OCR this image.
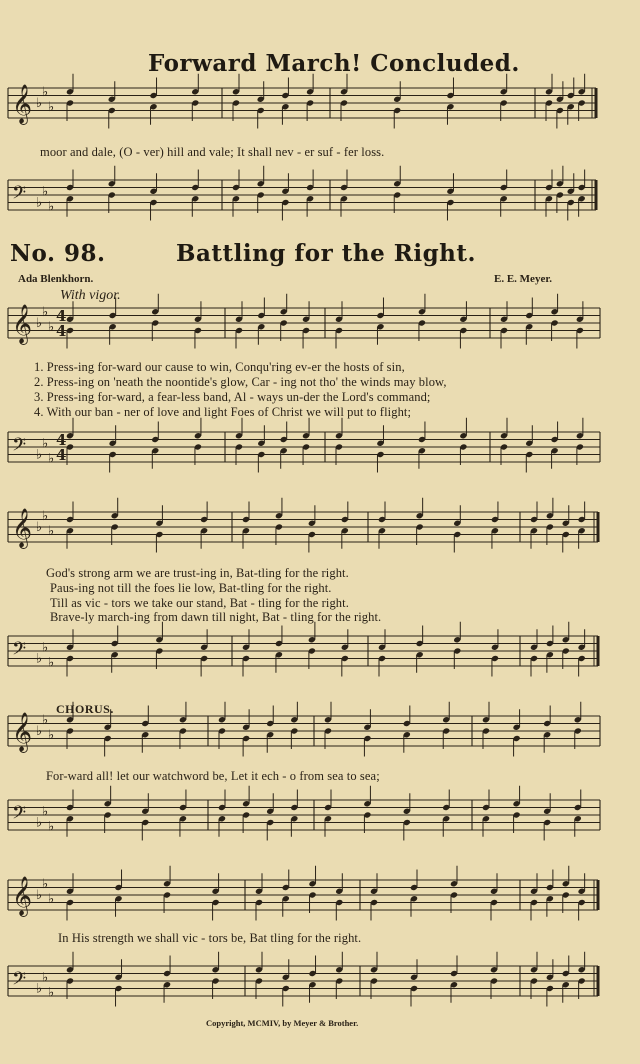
𝄞 ♭
♭
♭
𝄢 ♭
♭
♭
𝄞 ♭
♭
♭
𝄢 ♭
♭
♭
𝄞 ♭
♭
♭
𝄢 ♭
♭
♭
𝄞 ♭
♭
♭
𝄢 ♭
♭
♭
𝄞 ♭
♭
♭
𝄢 ♭
♭
♭
4
4
4
4
Forward March! Concluded.
moor and dale, (O - ver) hill and vale; It shall nev - er suf - fer loss.
No. 98.	Battling for the Right.
Ada Blenkhorn.	E. E. Meyer.
With vigor.
1. Press-ing for-ward our cause to win, Conqu'ring ev-er the hosts of sin,
2. Press-ing on 'neath the noontide's glow, Car - ing not tho' the winds may blow,
3. Press-ing for-ward, a fear-less band, Al - ways un-der the Lord's command;
4. With our ban - ner of love and light Foes of Christ we will put to flight;
God's strong arm we are trust-ing in, Bat-tling for the right.
Paus-ing not till the foes lie low, Bat-tling for the right.
Till as vic - tors we take our stand, Bat - tling for the right.
Brave-ly march-ing from dawn till night, Bat - tling for the right.
CHORUS.
For-ward all! let our watchword be, Let it ech - o from sea to sea;
In His strength we shall vic - tors be, Bat tling for the right.
Copyright, MCMIV, by Meyer & Brother.
